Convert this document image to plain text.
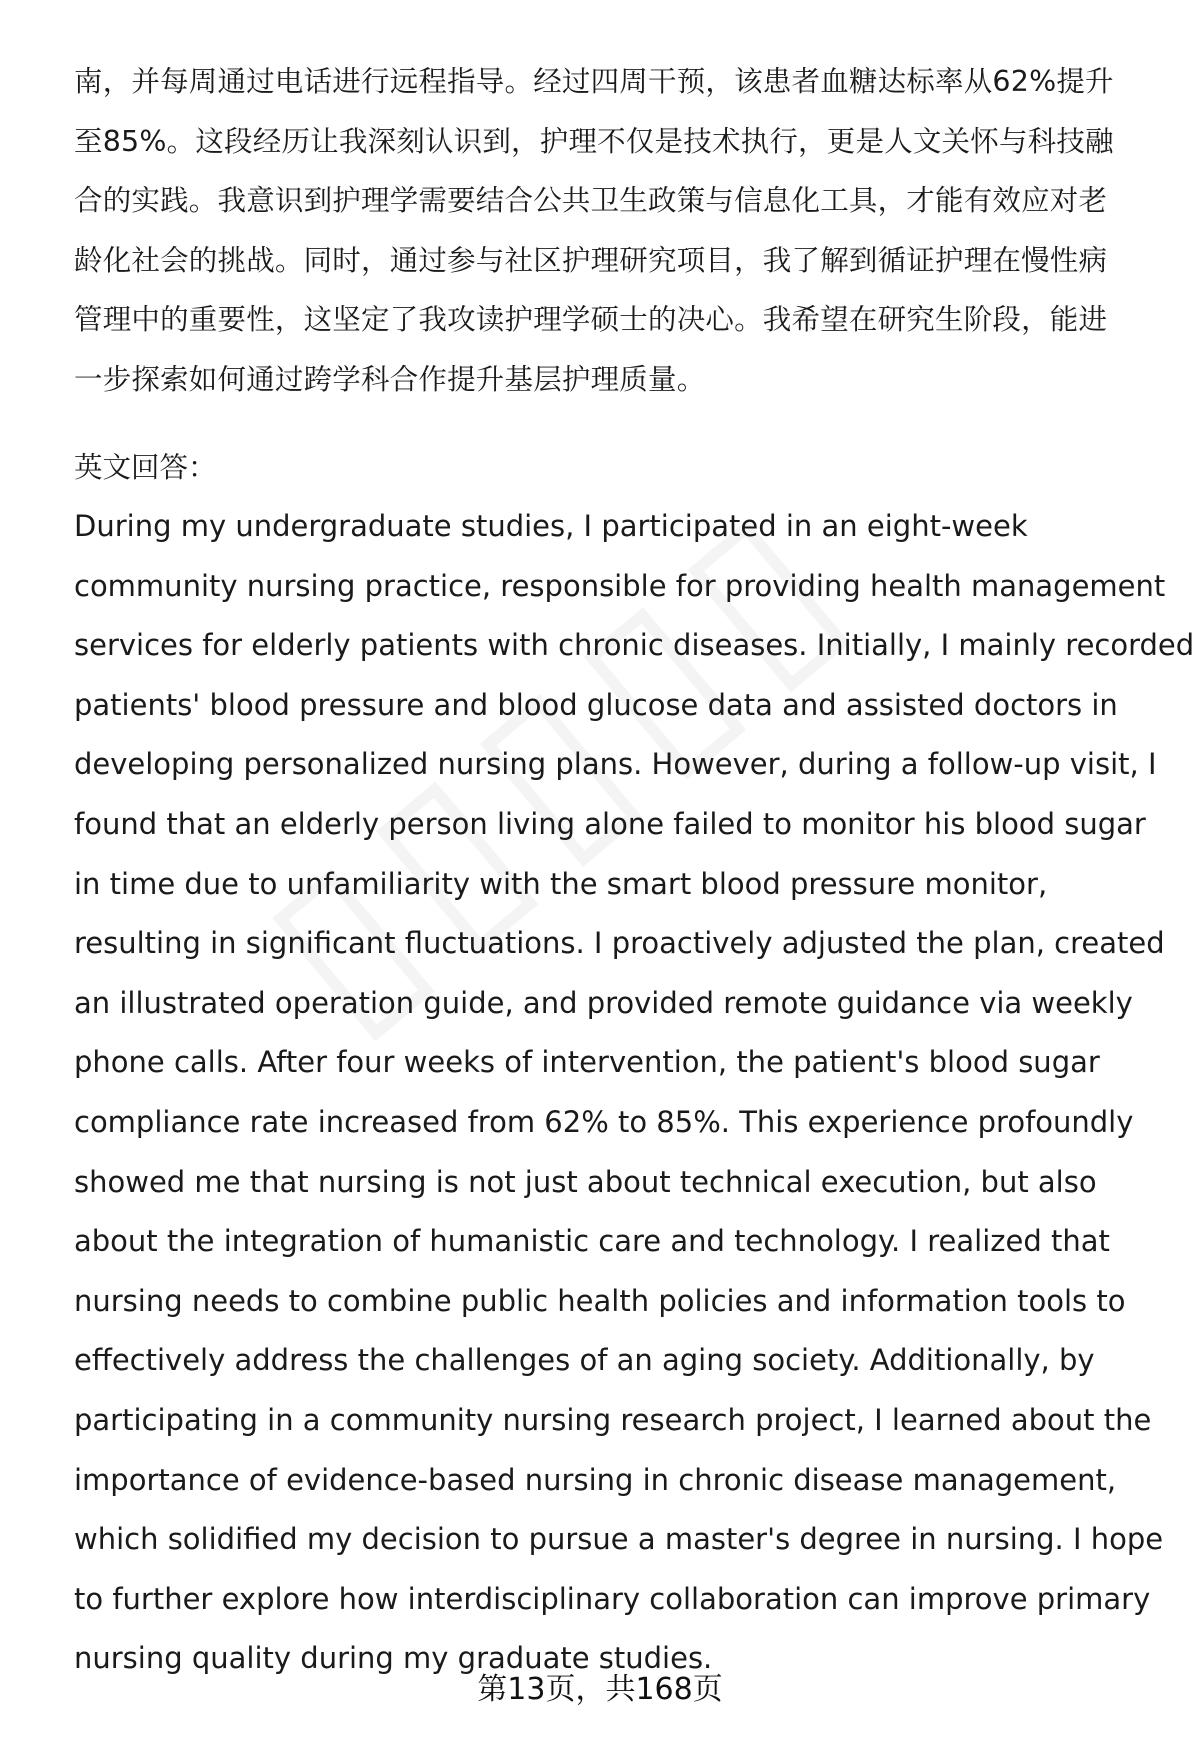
南，并每周通过电话进行远程指导。经过四周干预，该患者血糖达标率从62%提升
至85%。这段经历让我深刻认识到，护理不仅是技术执行，更是人文关怀与科技融
合的实践。我意识到护理学需要结合公共卫生政策与信息化工具，才能有效应对老
龄化社会的挑战。同时，通过参与社区护理研究项目，我了解到循证护理在慢性病
管理中的重要性，这坚定了我攻读护理学硕士的决心。我希望在研究生阶段，能进
一步探索如何通过跨学科合作提升基层护理质量。
英文回答：
During my undergraduate studies, I participated in an eight-week
community nursing practice, responsible for providing health management
services for elderly patients with chronic diseases. Initially, I mainly recorded
patients' blood pressure and blood glucose data and assisted doctors in
developing personalized nursing plans. However, during a follow-up visit, I
found that an elderly person living alone failed to monitor his blood sugar
in time due to unfamiliarity with the smart blood pressure monitor,
resulting in significant fluctuations. I proactively adjusted the plan, created
an illustrated operation guide, and provided remote guidance via weekly
phone calls. After four weeks of intervention, the patient's blood sugar
compliance rate increased from 62% to 85%. This experience profoundly
showed me that nursing is not just about technical execution, but also
about the integration of humanistic care and technology. I realized that
nursing needs to combine public health policies and information tools to
effectively address the challenges of an aging society. Additionally, by
participating in a community nursing research project, I learned about the
importance of evidence-based nursing in chronic disease management,
which solidified my decision to pursue a master's degree in nursing. I hope
to further explore how interdisciplinary collaboration can improve primary
nursing quality during my graduate studies.
第13页，共168页
